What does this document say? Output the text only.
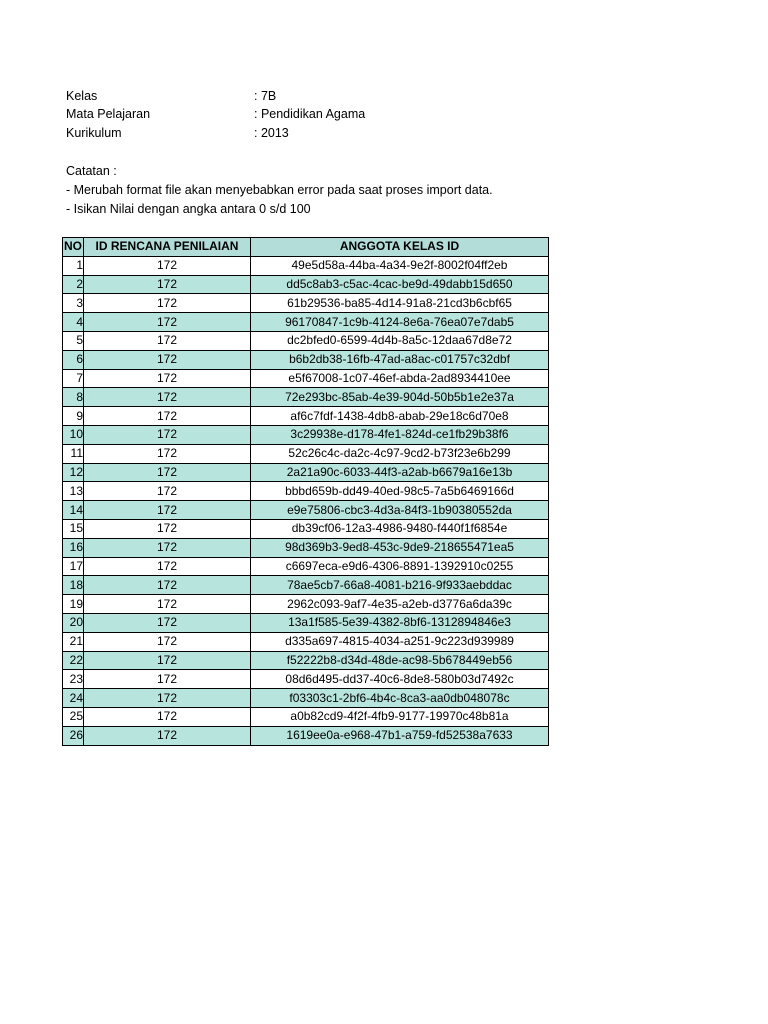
Kelas	: 7B
Mata Pelajaran	: Pendidikan Agama
Kurikulum	: 2013
Catatan :
- Merubah format file akan menyebabkan error pada saat proses import data.
- Isikan Nilai dengan angka antara 0 s/d 100
NO	ID RENCANA PENILAIAN	ANGGOTA KELAS ID
1	172	49e5d58a-44ba-4a34-9e2f-8002f04ff2eb
2	172	dd5c8ab3-c5ac-4cac-be9d-49dabb15d650
3	172	61b29536-ba85-4d14-91a8-21cd3b6cbf65
4	172	96170847-1c9b-4124-8e6a-76ea07e7dab5
5	172	dc2bfed0-6599-4d4b-8a5c-12daa67d8e72
6	172	b6b2db38-16fb-47ad-a8ac-c01757c32dbf
7	172	e5f67008-1c07-46ef-abda-2ad8934410ee
8	172	72e293bc-85ab-4e39-904d-50b5b1e2e37a
9	172	af6c7fdf-1438-4db8-abab-29e18c6d70e8
10	172	3c29938e-d178-4fe1-824d-ce1fb29b38f6
11	172	52c26c4c-da2c-4c97-9cd2-b73f23e6b299
12	172	2a21a90c-6033-44f3-a2ab-b6679a16e13b
13	172	bbbd659b-dd49-40ed-98c5-7a5b6469166d
14	172	e9e75806-cbc3-4d3a-84f3-1b90380552da
15	172	db39cf06-12a3-4986-9480-f440f1f6854e
16	172	98d369b3-9ed8-453c-9de9-218655471ea5
17	172	c6697eca-e9d6-4306-8891-1392910c0255
18	172	78ae5cb7-66a8-4081-b216-9f933aebddac
19	172	2962c093-9af7-4e35-a2eb-d3776a6da39c
20	172	13a1f585-5e39-4382-8bf6-1312894846e3
21	172	d335a697-4815-4034-a251-9c223d939989
22	172	f52222b8-d34d-48de-ac98-5b678449eb56
23	172	08d6d495-dd37-40c6-8de8-580b03d7492c
24	172	f03303c1-2bf6-4b4c-8ca3-aa0db048078c
25	172	a0b82cd9-4f2f-4fb9-9177-19970c48b81a
26	172	1619ee0a-e968-47b1-a759-fd52538a7633
